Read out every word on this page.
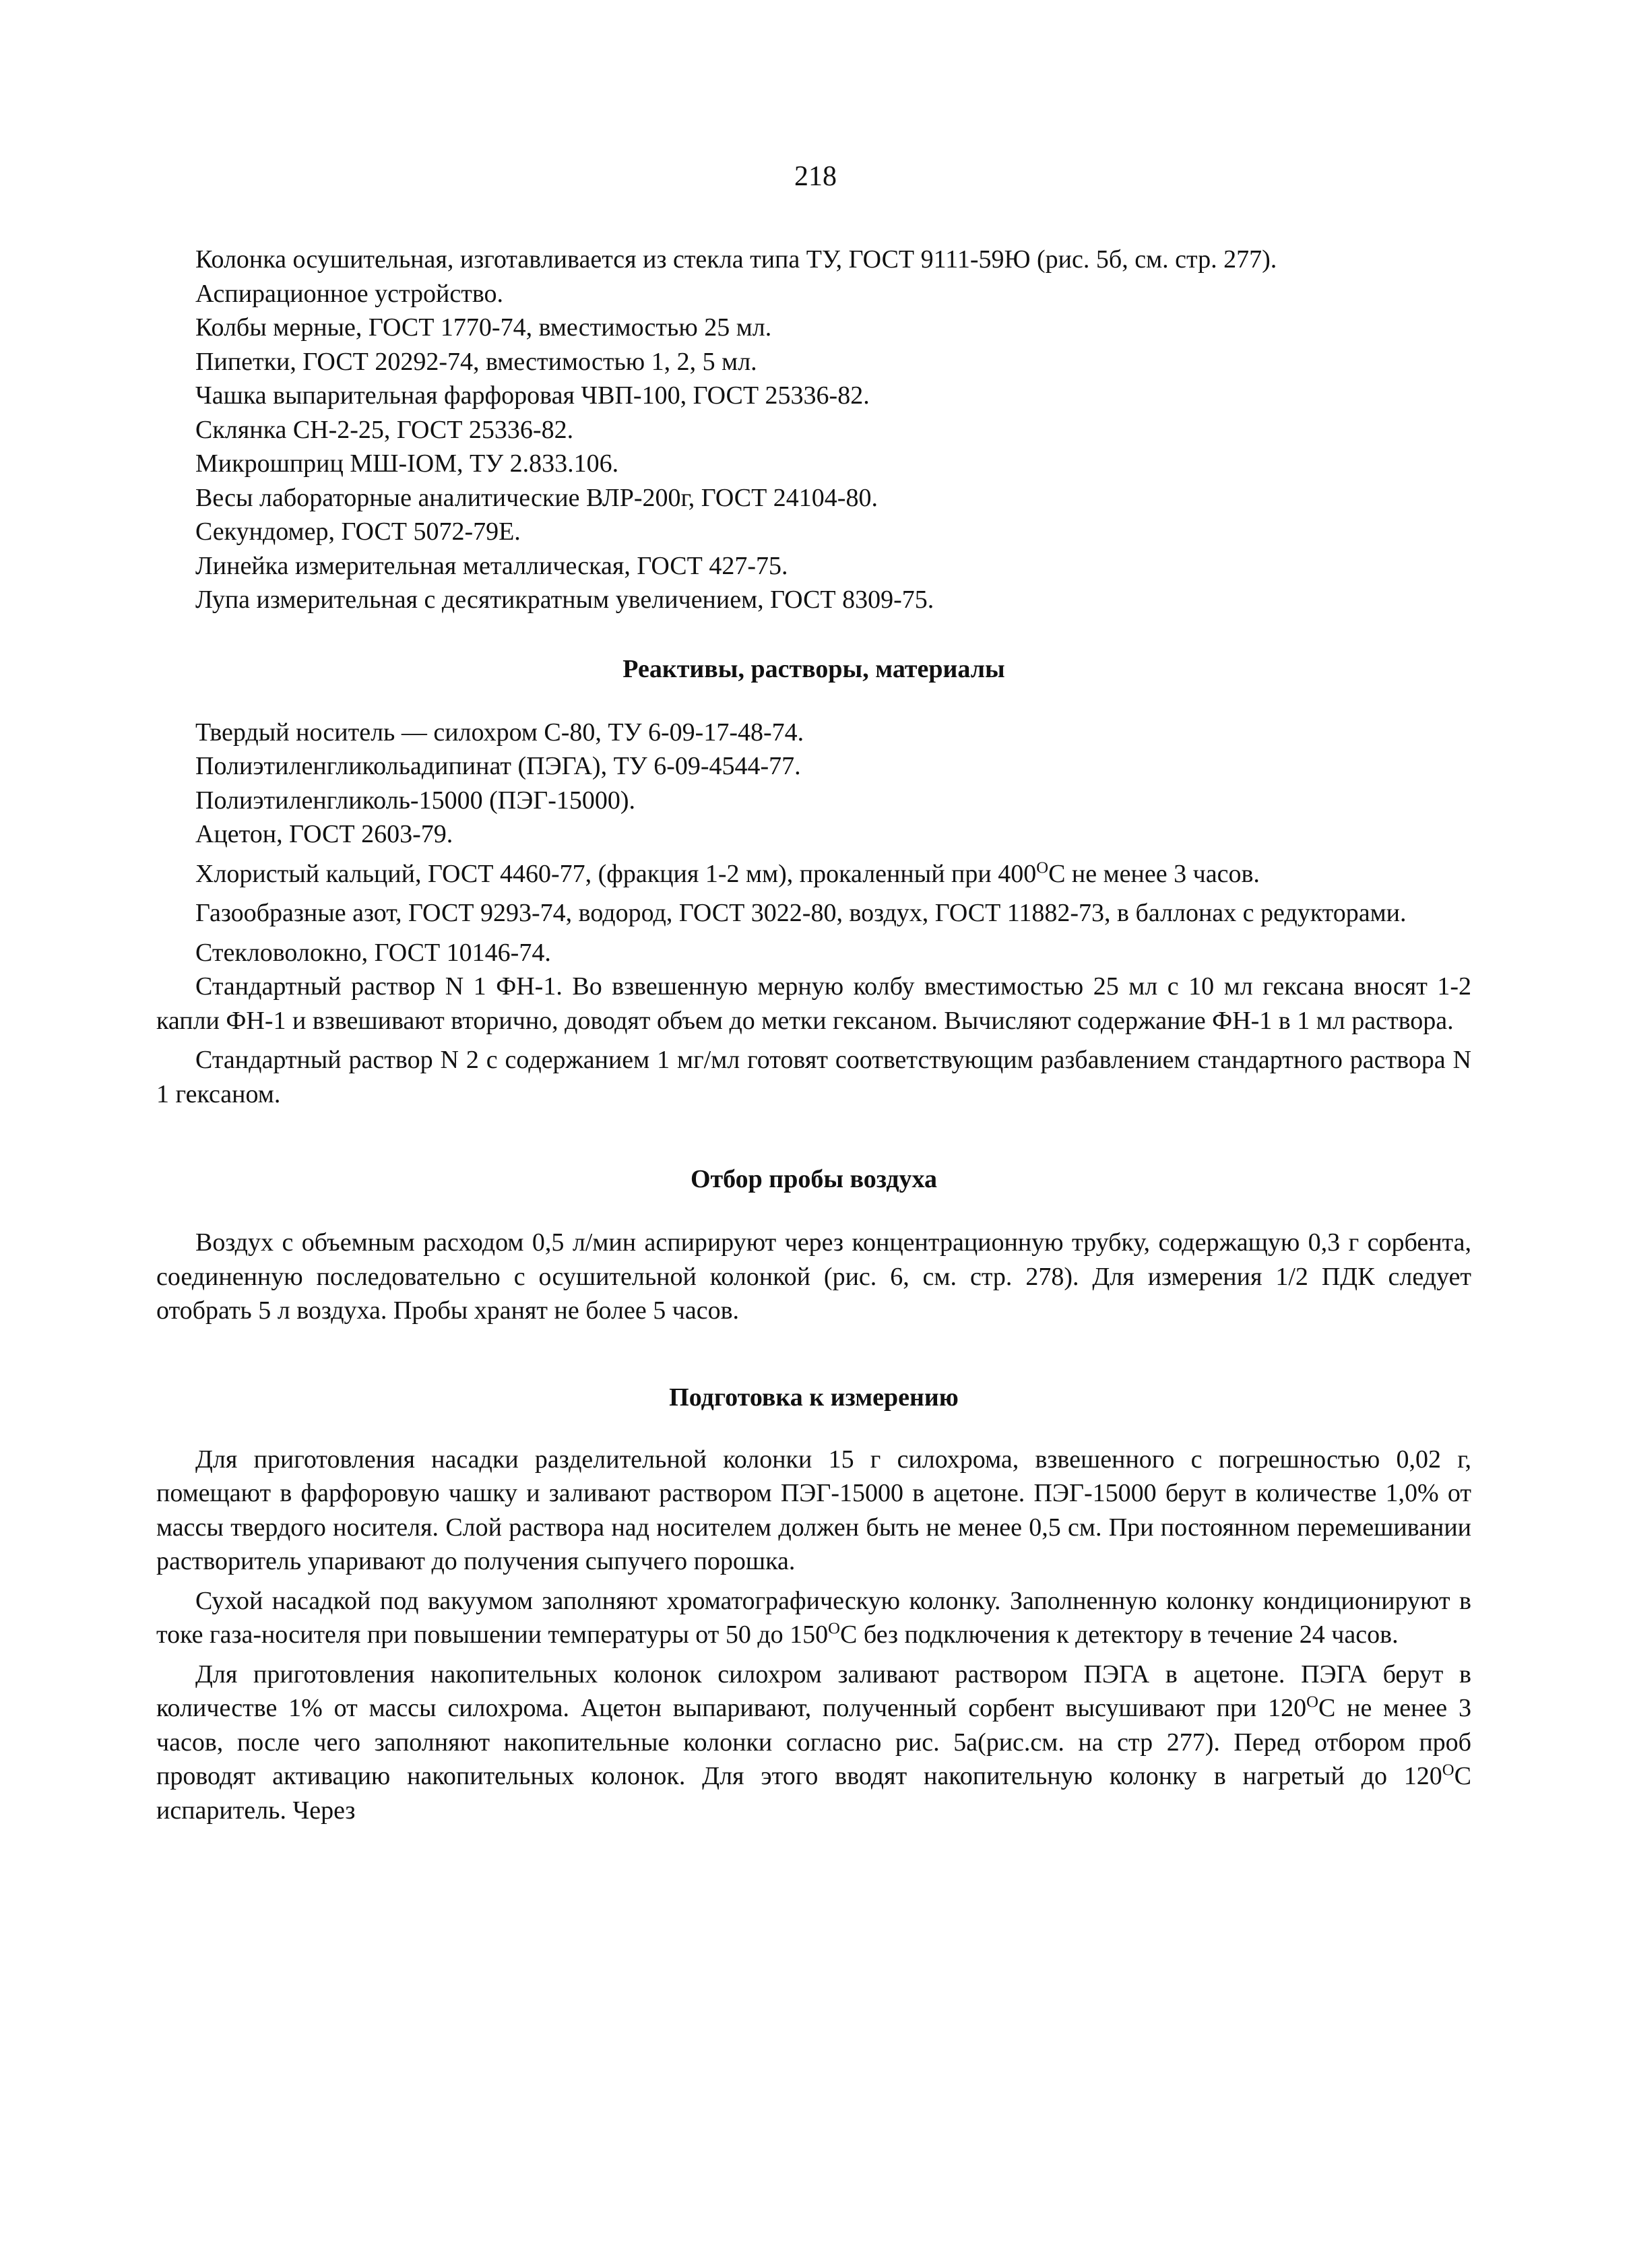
218

Колонка осушительная, изготавливается из стекла типа ТУ, ГОСТ 9111-59Ю (рис. 5б, см. стр. 277).

Аспирационное устройство.

Колбы мерные, ГОСТ 1770-74, вместимостью 25 мл.

Пипетки, ГОСТ 20292-74, вместимостью 1, 2, 5 мл.

Чашка выпарительная фарфоровая ЧВП-100, ГОСТ 25336-82.

Склянка СН-2-25, ГОСТ 25336-82.

Микрошприц МШ-IОМ, ТУ 2.833.106.

Весы лабораторные аналитические ВЛР-200г, ГОСТ 24104-80.

Секундомер, ГОСТ 5072-79Е.

Линейка измерительная металлическая, ГОСТ 427-75.

Лупа измерительная с десятикратным увеличением, ГОСТ 8309-75.

Реактивы, растворы, материалы

Твердый носитель — силохром С-80, ТУ 6-09-17-48-74.

Полиэтиленгликольадипинат (ПЭГА), ТУ 6-09-4544-77.

Полиэтиленгликоль-15000 (ПЭГ-15000).

Ацетон, ГОСТ 2603-79.

Хлористый кальций, ГОСТ 4460-77, (фракция 1-2 мм), прокаленный при $400^ОС$ не менее 3 часов.

Газообразные азот, ГОСТ 9293-74, водород, ГОСТ 3022-80, воздух, ГОСТ 11882-73, в баллонах с редукторами.

Стекловолокно, ГОСТ 10146-74.

Стандартный раствор N 1 ФН-1. Во взвешенную мерную колбу вместимостью 25 мл с 10 мл гексана вносят 1-2 капли ФН-1 и взвешивают вторично, доводят объем до метки гексаном. Вычисляют содержание ФН-1 в 1 мл раствора.

Стандартный раствор N 2 с содержанием 1 мг/мл готовят соответствующим разбавлением стандартного раствора N 1 гексаном.

Отбор пробы воздуха

Воздух с объемным расходом 0,5 л/мин аспирируют через концентрационную трубку, содержащую 0,3 г сорбента, соединенную последовательно с осушительной колонкой (рис. 6, см. стр. 278). Для измерения 1/2 ПДК следует отобрать 5 л воздуха. Пробы хранят не более 5 часов.

Подготовка к измерению

Для приготовления насадки разделительной колонки 15 г силохрома, взвешенного с погрешностью 0,02 г, помещают в фарфоровую чашку и заливают раствором ПЭГ-15000 в ацетоне. ПЭГ-15000 берут в количестве 1,0% от массы твердого носителя. Слой раствора над носителем должен быть не менее 0,5 см. При постоянном перемешивании растворитель упаривают до получения сыпучего порошка.

Сухой насадкой под вакуумом заполняют хроматографическую колонку. Заполненную колонку кондиционируют в токе газа-носителя при повышении температуры от 50 до $150^ОС$ без подключения к детектору в течение 24 часов.

Для приготовления накопительных колонок силохром заливают раствором ПЭГА в ацетоне. ПЭГА берут в количестве 1% от массы силохрома. Ацетон выпаривают, полученный сорбент высушивают при $120^ОС$ не менее 3 часов, после чего заполняют накопительные колонки согласно рис. 5а(рис.см. на стр 277). Перед отбором проб проводят активацию накопительных колонок. Для этого вводят накопительную колонку в нагретый до $120^ОС$ испаритель. Через
